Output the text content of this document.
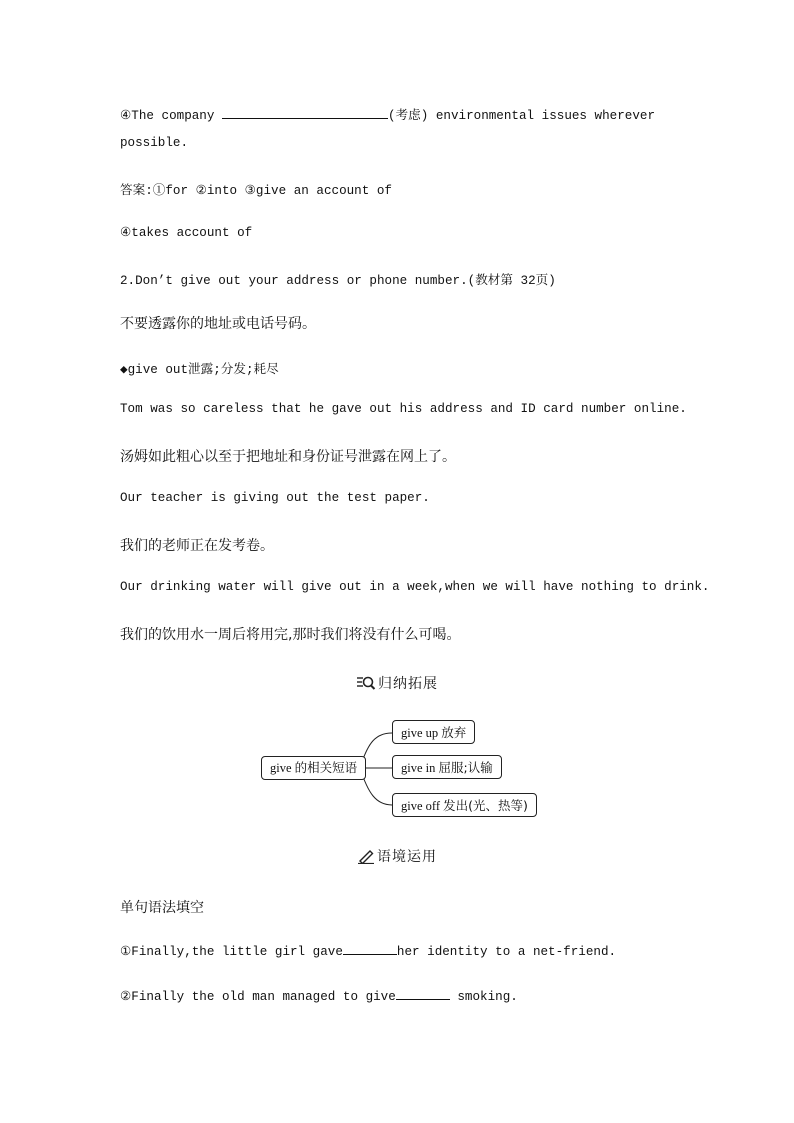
④The company	(考虑) environmental issues wherever
possible.
答案:①for ②into ③give an account of
④takes account of
2.Don’t give out your address or phone number.(教材第 32页)
不要透露你的地址或电话号码。
◆give out泄露;分发;耗尽
Tom was so careless that he gave out his address and ID card number online.
汤姆如此粗心以至于把地址和身份证号泄露在网上了。
Our teacher is giving out the test paper.
我们的老师正在发考卷。
Our drinking water will give out in a week,when we will have nothing to drink.
我们的饮用水一周后将用完,那时我们将没有什么可喝。
归纳拓展
give 的相关短语
give up 放弃
give in 屈服;认输
give off 发出(光、热等)
语境运用
单句语法填空
①Finally,the little girl gave	her identity to a net-friend.
②Finally the old man managed to give	smoking.
